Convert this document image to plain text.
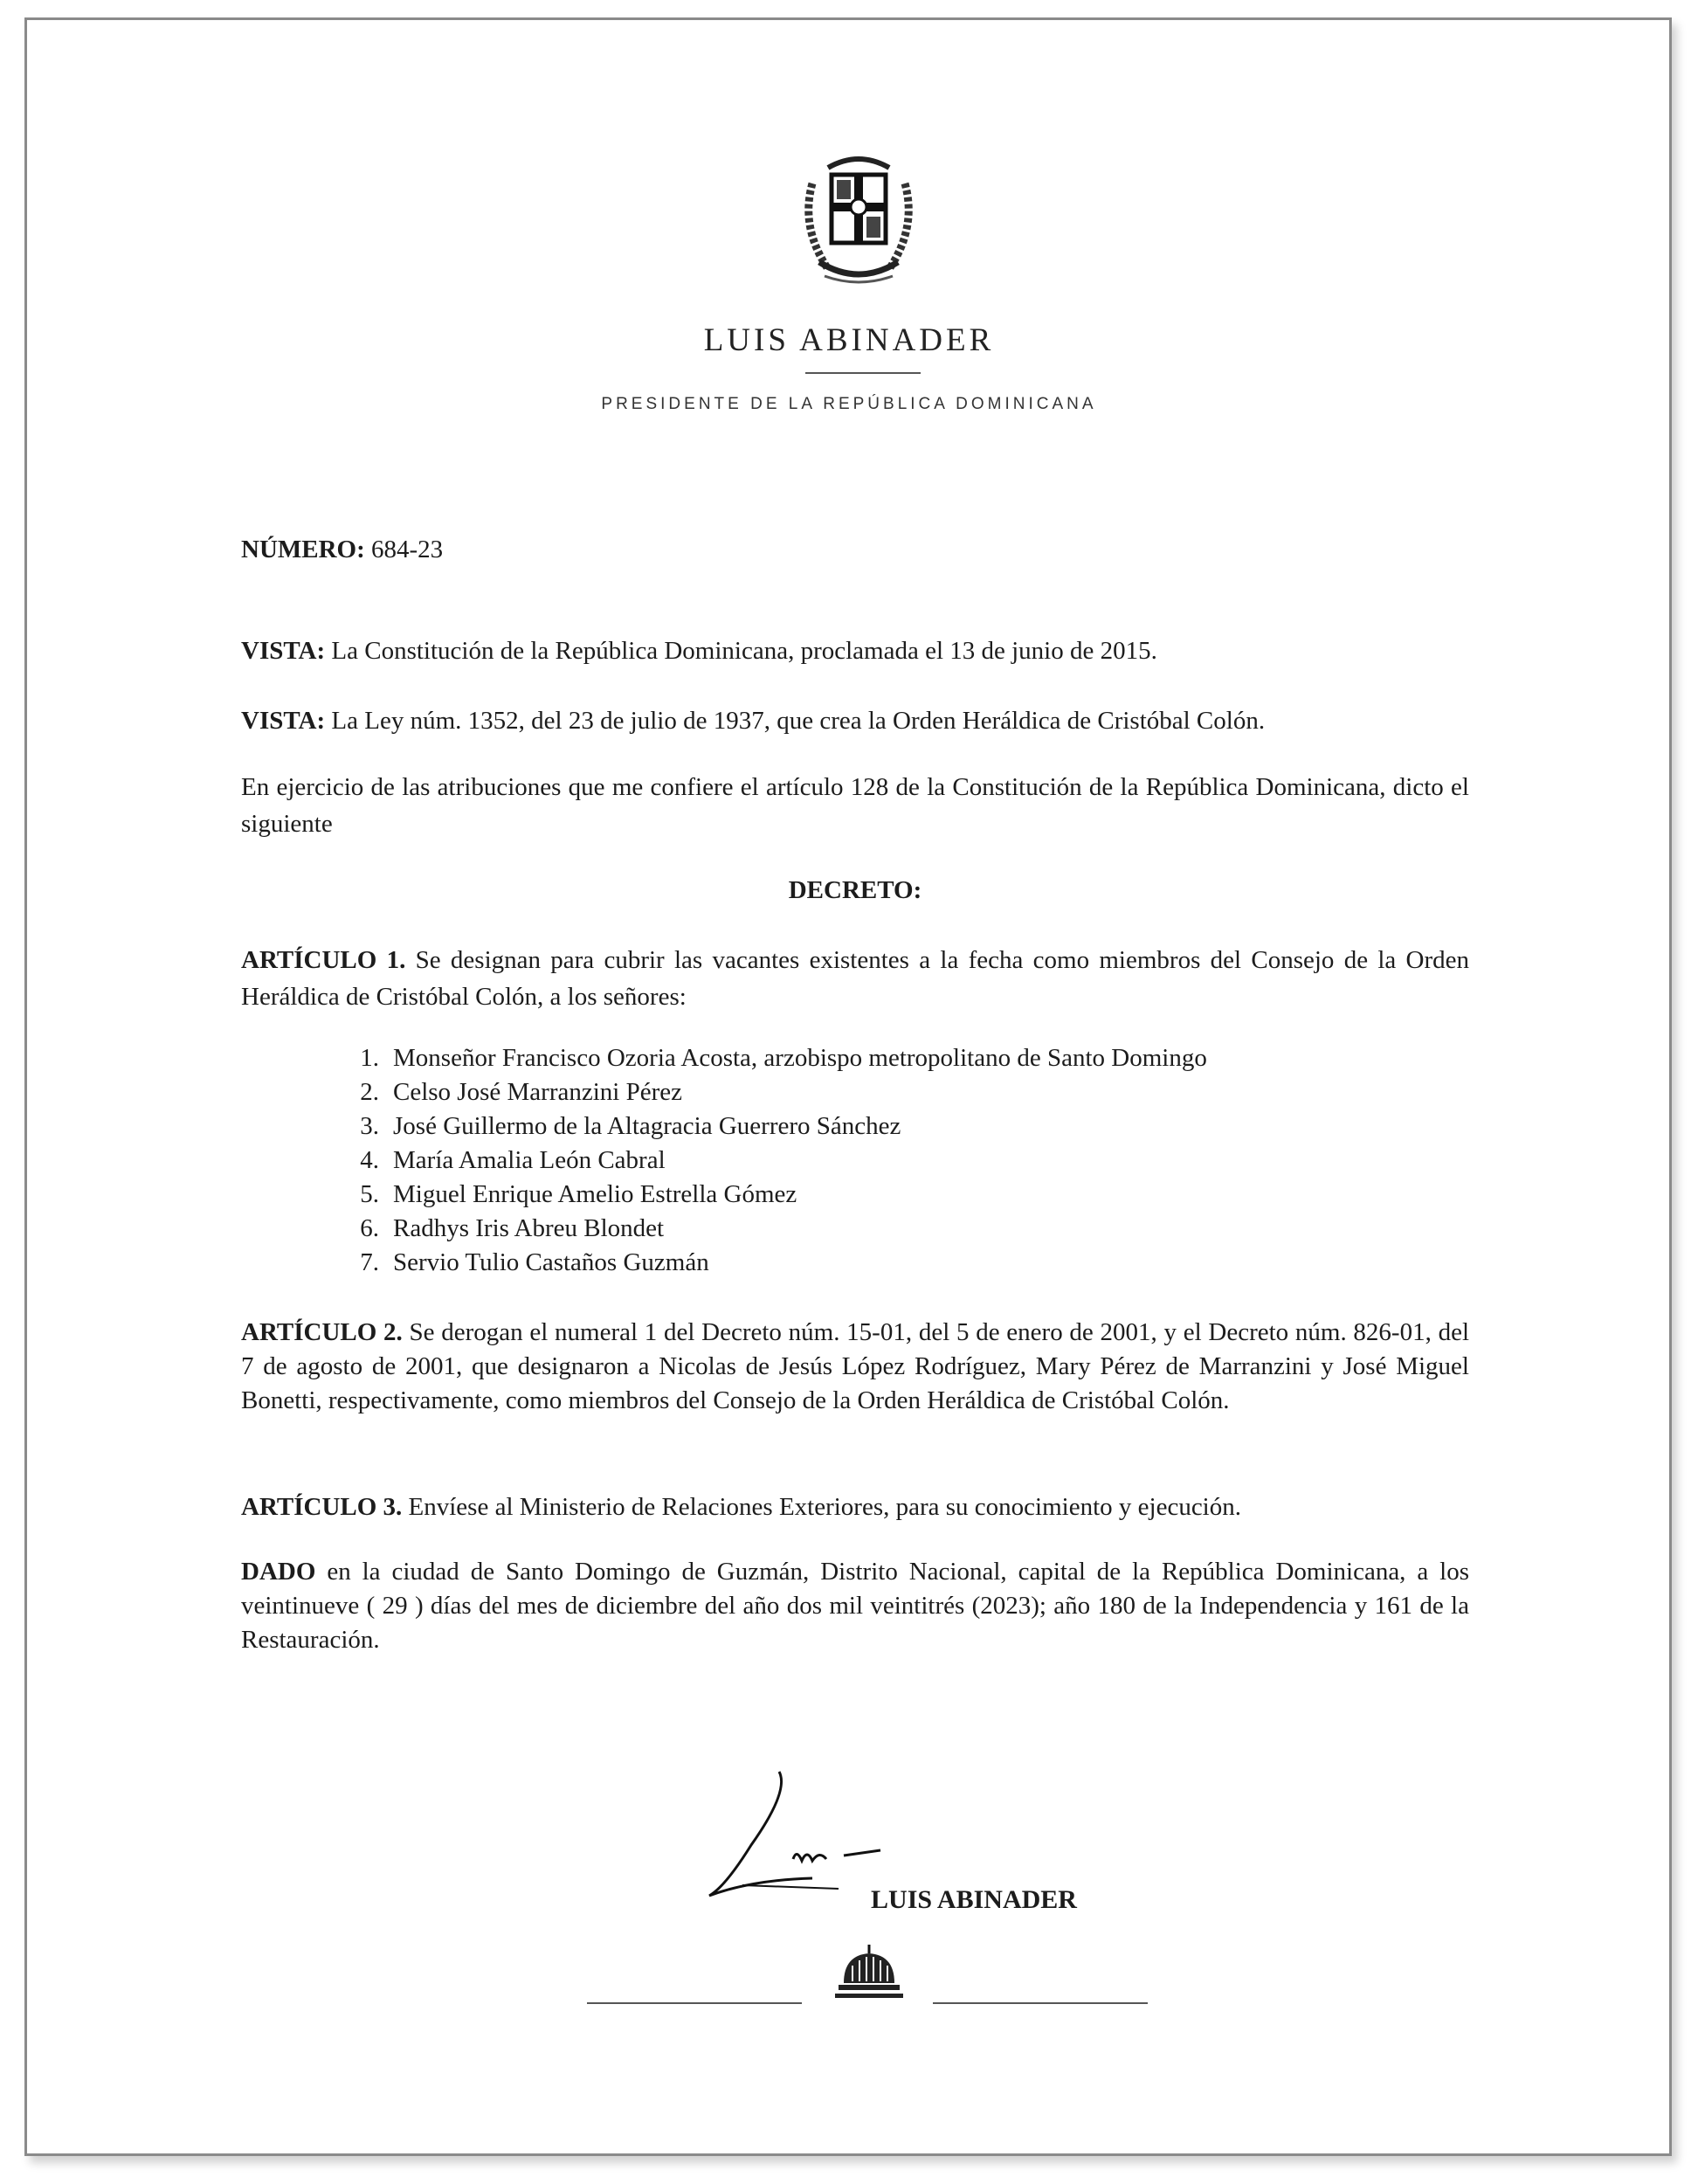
LUIS ABINADER
PRESIDENTE DE LA REPÚBLICA DOMINICANA
NÚMERO: 684-23
VISTA: La Constitución de la República Dominicana, proclamada el 13 de junio de 2015.
VISTA: La Ley núm. 1352, del 23 de julio de 1937, que crea la Orden Heráldica de Cristóbal Colón.
En ejercicio de las atribuciones que me confiere el artículo 128 de la Constitución de la República Dominicana, dicto el siguiente
DECRETO:
ARTÍCULO 1. Se designan para cubrir las vacantes existentes a la fecha como miembros del Consejo de la Orden Heráldica de Cristóbal Colón, a los señores:
1. Monseñor Francisco Ozoria Acosta, arzobispo metropolitano de Santo Domingo
2. Celso José Marranzini Pérez
3. José Guillermo de la Altagracia Guerrero Sánchez
4. María Amalia León Cabral
5. Miguel Enrique Amelio Estrella Gómez
6. Radhys Iris Abreu Blondet
7. Servio Tulio Castaños Guzmán
ARTÍCULO 2. Se derogan el numeral 1 del Decreto núm. 15-01, del 5 de enero de 2001, y el Decreto núm. 826-01, del 7 de agosto de 2001, que designaron a Nicolas de Jesús López Rodríguez, Mary Pérez de Marranzini y José Miguel Bonetti, respectivamente, como miembros del Consejo de la Orden Heráldica de Cristóbal Colón.
ARTÍCULO 3. Envíese al Ministerio de Relaciones Exteriores, para su conocimiento y ejecución.
DADO en la ciudad de Santo Domingo de Guzmán, Distrito Nacional, capital de la República Dominicana, a los veintinueve ( 29 ) días del mes de diciembre del año dos mil veintitrés (2023); año 180 de la Independencia y 161 de la Restauración.
LUIS ABINADER
